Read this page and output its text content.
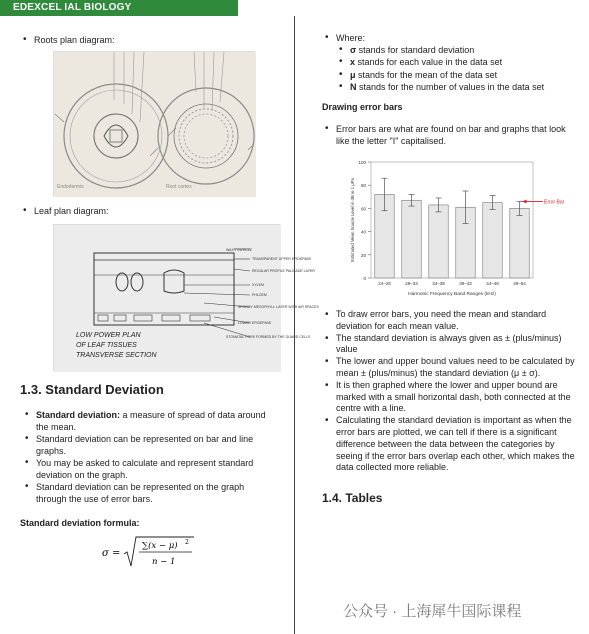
EDEXCEL IAL BIOLOGY
• Roots plan diagram:
Endodermis	Root cortex
• Leaf plan diagram:
WAXY CUTICLE
TRANSPARENT UPPER EPIDERMIS
REGULAR PROFILE PALISADE LAYER
XYLEM
PHLOEM
SPONGY MESOPHYLL LAYER WITH AIR SPACES
LOWER EPIDERMIS
STOMATAL PORE FORMED BY THE GUARD CELLS
LOW POWER PLAN
OF LEAF TISSUES
TRANSVERSE SECTION
1.3. Standard Deviation
• Standard deviation: a measure of spread of data around the mean.
• Standard deviation can be represented on bar and line graphs.
• You may be asked to calculate and represent standard deviation on the graph.
• Standard deviation can be represented on the graph through the use of error bars.
Standard deviation formula:
σ =
∑(x − μ) 2
n − 1
• Where:
• σ stands for standard deviation
• x stands for each value in the data set
• μ stands for the mean of the data set
• N stands for the number of values in the data set
Drawing error bars
• Error bars are what are found on bar and graphs that look like the letter "I" capitalised.
0
20
40
60
80
100
24–28	29–33	34–38	39–43	44–48	49–54
Harmonic Frequency Band Ranges (kHz)
Estimated Mean Source Level in dB re 1 μPa	Error Bar
• To draw error bars, you need the mean and standard deviation for each mean value.
• The standard deviation is always given as ± (plus/minus) value
• The lower and upper bound values need to be calculated by mean ± (plus/minus) the standard deviation (μ ± σ).
• It is then graphed where the lower and upper bound are marked with a small horizontal dash, both connected at the centre with a line.
• Calculating the standard deviation is important as when the error bars are plotted, we can tell if there is a significant difference between the data between the categories by seeing if the error bars overlap each other, which makes the data collected more reliable.
1.4. Tables
公众号 · 上海犀牛国际课程
